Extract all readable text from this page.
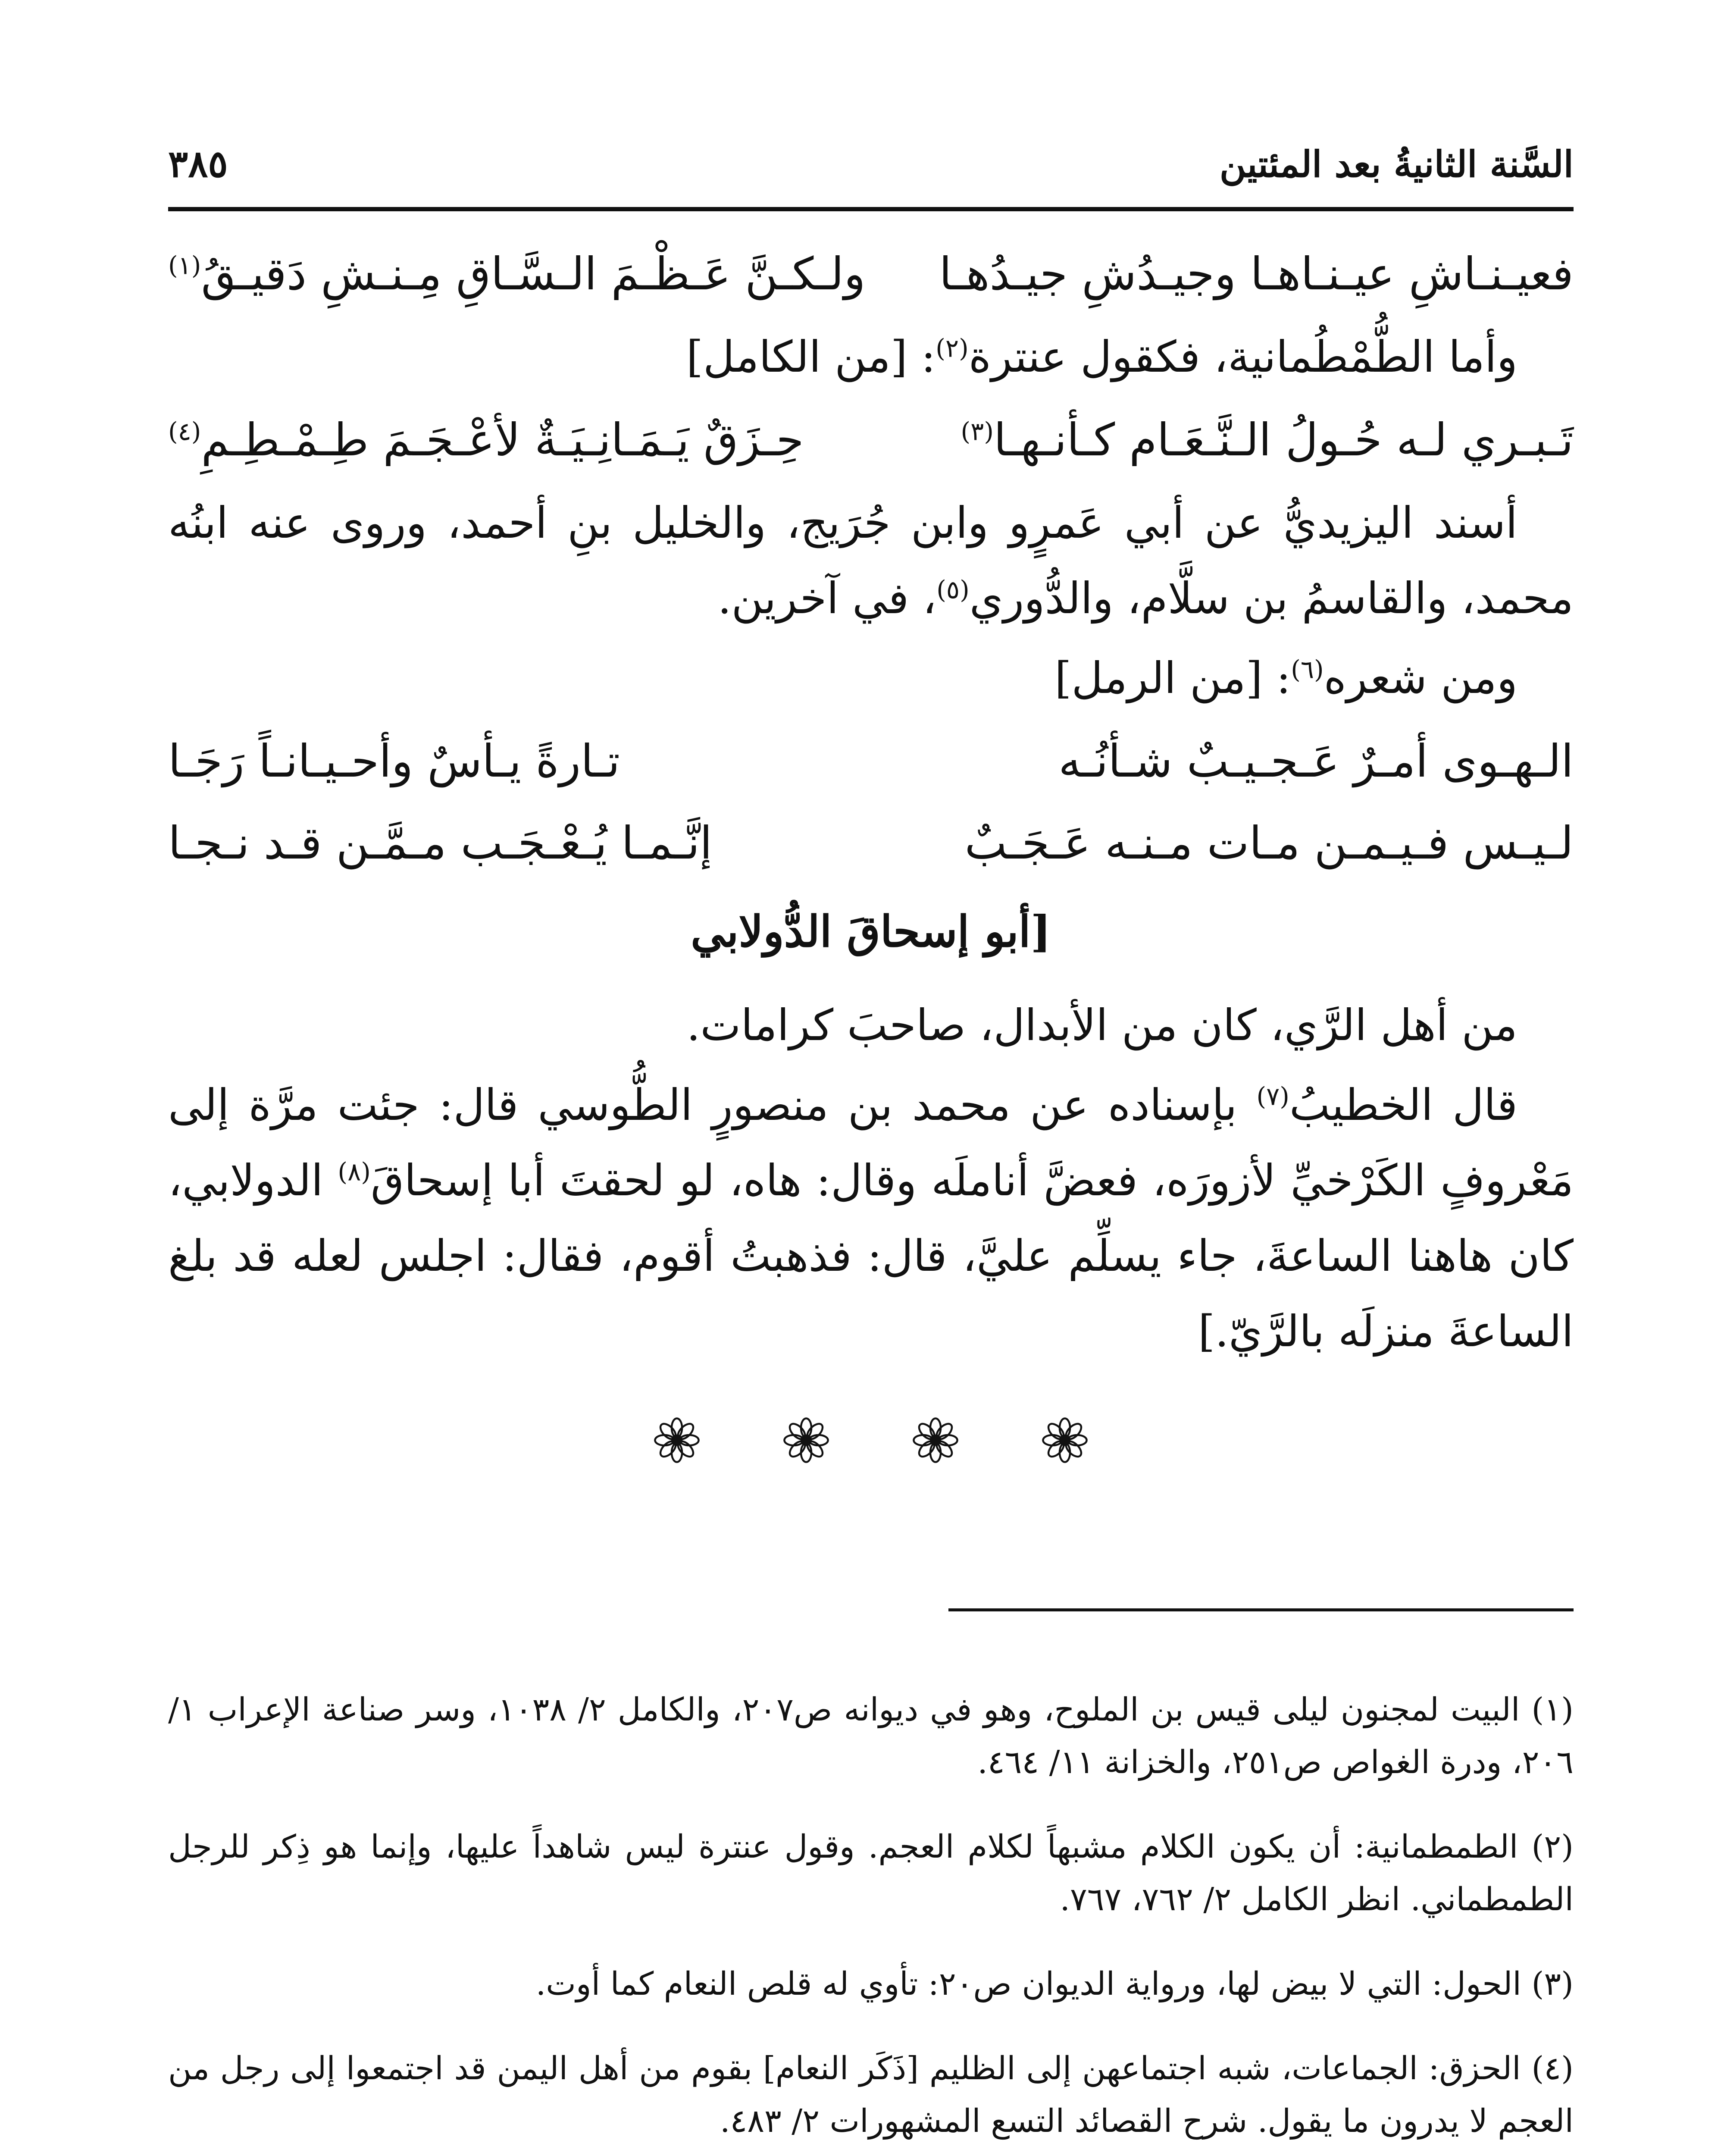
٣٨٥	السَّنة الثانيةُ بعد المئتين
فعيـنـاشِ عيـنـاهـا وجيـدُشِ جيـدُهـا
ولـكـنَّ عَـظْـمَ الـسَّـاقِ مِـنـشِ دَقيـقُ$^{(١)}$

وأما الطُّمْطُمانية، فكقول عنترة$^{(٢)}$: [من الكامل]

تَـبـري لـه حُـولُ الـنَّـعَـام كـأنـهـا$^{(٣)}$
حِـزَقٌ يَـمَـانِـيَـةٌ لأعْـجَـمَ طِـمْـطِـمِ$^{(٤)}$

أسند اليزيديُّ عن أبي عَمرٍو وابن جُرَيج، والخليل بنِ أحمد، وروى عنه ابنُه محمد، والقاسمُ بن سلَّام، والدُّوري$^{(٥)}$، في آخرين.

ومن شعره$^{(٦)}$: [من الرمل]

الـهـوى أمـرٌ عَـجـيـبٌ شـأنُـه
تـارةً يـأسٌ وأحـيـانـاً رَجَـا
لـيـس فـيـمـن مـات مـنـه عَـجَـبٌ
إنَّـمـا يُـعْـجَـب مـمَّـن قـد نـجـا
[أبو إسحاقَ الدُّولابي

من أهل الرَّي، كان من الأبدال، صاحبَ كرامات.

قال الخطيبُ$^{(٧)}$ بإسناده عن محمد بن منصورٍ الطُّوسي قال: جئت مرَّة إلى مَعْروفٍ الكَرْخيِّ لأزورَه، فعضَّ أناملَه وقال: هاه، لو لحقتَ أبا إسحاقَ$^{(٨)}$ الدولابي، كان هاهنا الساعةَ، جاء يسلِّم عليَّ، قال: فذهبتُ أقوم، فقال: اجلس لعله قد بلغ الساعةَ منزلَه بالرَّيّ.]

(١) البيت لمجنون ليلى قيس بن الملوح، وهو في ديوانه ص٢٠٧، والكامل ٢/ ١٠٣٨، وسر صناعة الإعراب ١/ ٢٠٦، ودرة الغواص ص٢٥١، والخزانة ١١/ ٤٦٤.

(٢) الطمطمانية: أن يكون الكلام مشبهاً لكلام العجم. وقول عنترة ليس شاهداً عليها، وإنما هو ذِكر للرجل الطمطماني. انظر الكامل ٢/ ٧٦٢، ٧٦٧.

(٣) الحول: التي لا بيض لها، ورواية الديوان ص٢٠: تأوي له قلص النعام كما أوت.

(٤) الحزق: الجماعات، شبه اجتماعهن إلى الظليم [ذَكَر النعام] بقوم من أهل اليمن قد اجتمعوا إلى رجل من العجم لا يدرون ما يقول. شرح القصائد التسع المشهورات ٢/ ٤٨٣.
